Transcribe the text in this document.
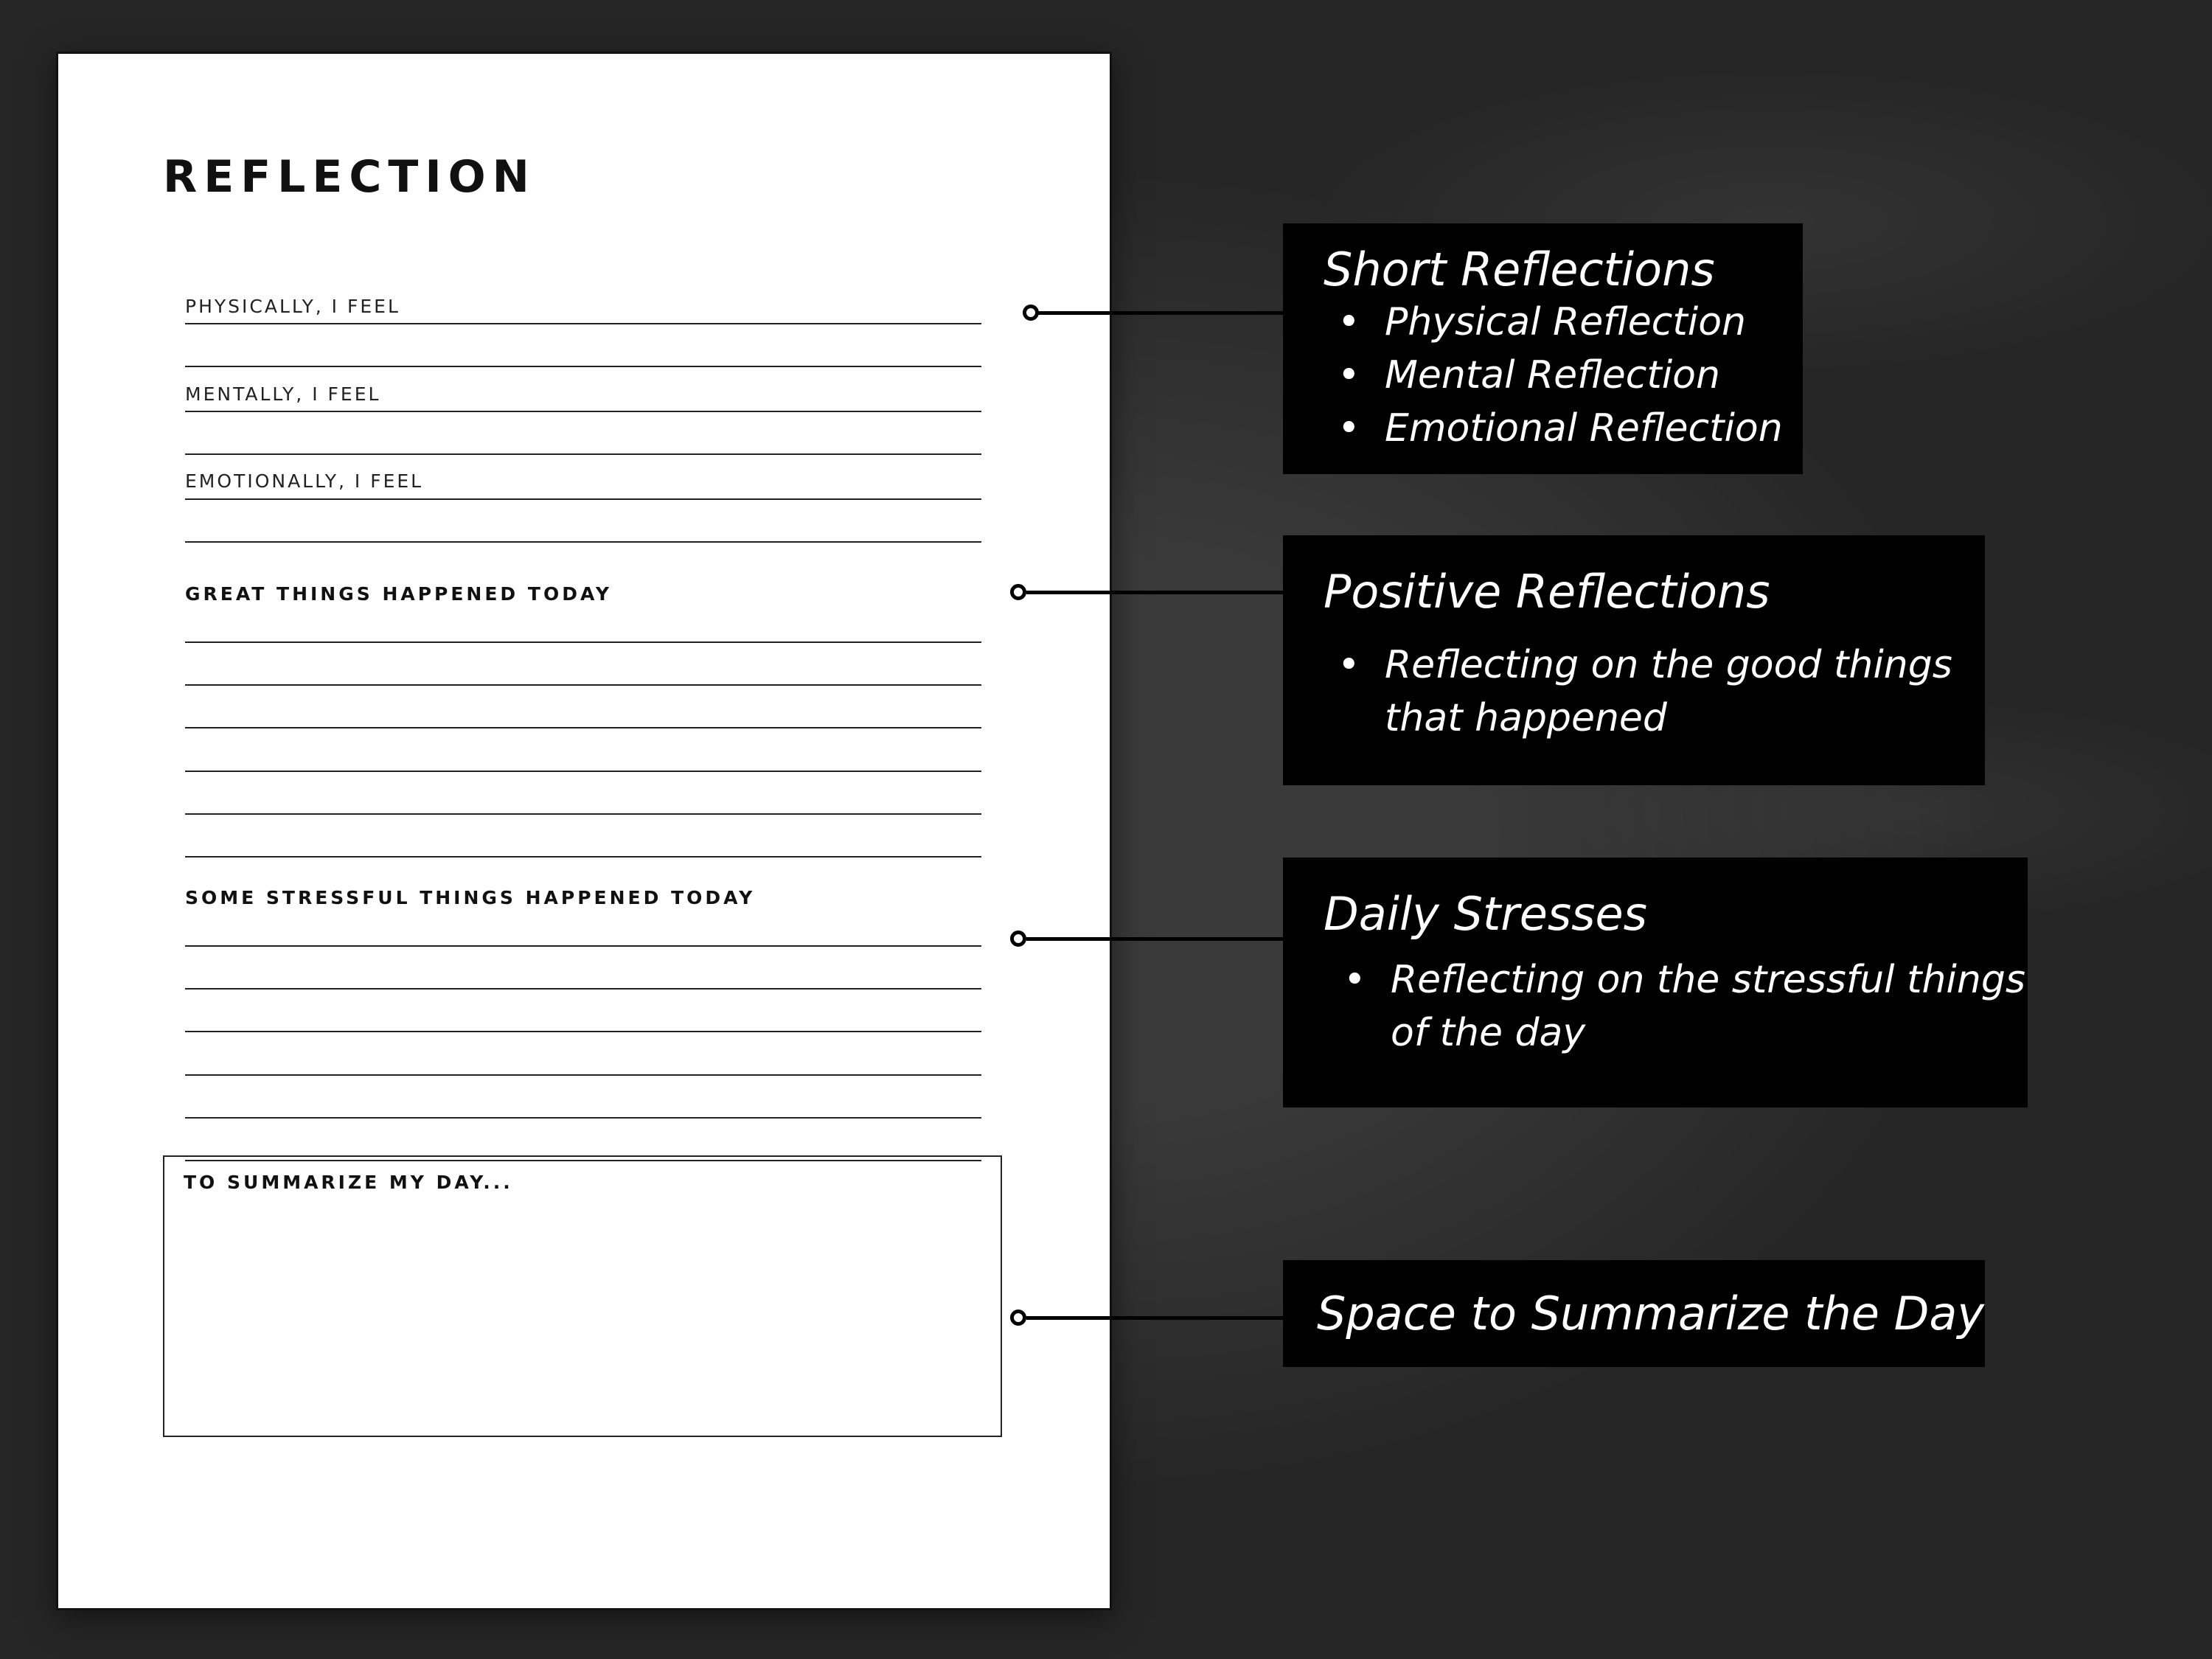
REFLECTION
PHYSICALLY, I FEEL
MENTALLY, I FEEL
EMOTIONALLY, I FEEL
GREAT THINGS HAPPENED TODAY
SOME STRESSFUL THINGS HAPPENED TODAY
TO SUMMARIZE MY DAY...
Short Reflections
• Physical Reflection
• Mental Reflection
• Emotional Reflection
Positive Reflections
• Reflecting on the good things
that happened
Daily Stresses
• Reflecting on the stressful things
of the day
Space to Summarize the Day
